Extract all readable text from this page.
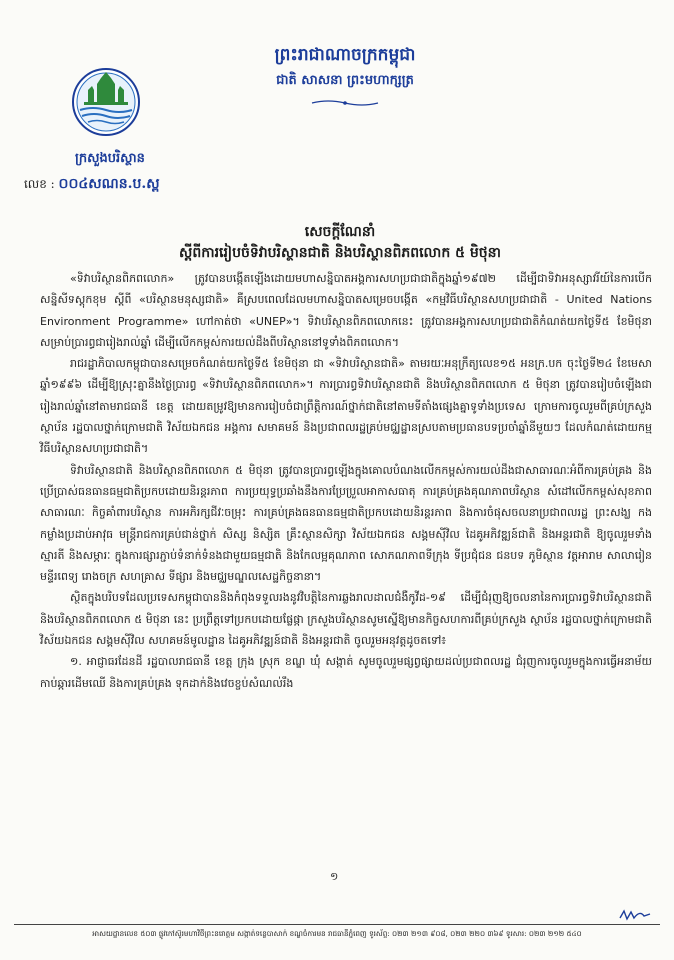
ព្រះរាជាណាចក្រកម្ពុជា
ជាតិ សាសនា ព្រះមហាក្សត្រ
ក្រសួងបរិស្ថាន
លេខ : ០០៤សណន.ប.ស្ព
សេចក្តីណែនាំ
ស្តីពីការរៀបចំទិវាបរិស្ថានជាតិ និងបរិស្ថានពិភពលោក ៥ មិថុនា

«ទិវាបរិស្ថានពិភពលោក» ត្រូវបានបង្កើតឡើងដោយមហាសន្និបាតអង្គការសហប្រជាជាតិក្នុងឆ្នាំ១៩៧២ ដើម្បីជាទិវាអនុស្សាវរីយ៍នៃការបើកសន្និសីទស្តុកខុម ស្តីពី «បរិស្ថានមនុស្សជាតិ» គឺស្របពេលដែលមហាសន្និបាតសម្រេចបង្កើត «កម្មវិធីបរិស្ថានសហប្រជាជាតិ - United Nations Environment Programme» ហៅកាត់ថា «UNEP»។ ទិវាបរិស្ថានពិភពលោកនេះ ត្រូវបានអង្គការសហប្រជាជាតិកំណត់យកថ្ងៃទី៥ ខែមិថុនា សម្រាប់ប្រារព្ធជារៀងរាល់ឆ្នាំ ដើម្បីលើកកម្ពស់ការយល់ដឹងពីបរិស្ថាននៅទូទាំងពិភពលោក។

រាជរដ្ឋាភិបាលកម្ពុជាបានសម្រេចកំណត់យកថ្ងៃទី៥ ខែមិថុនា ជា «ទិវាបរិស្ថានជាតិ» តាមរយៈអនុក្រឹត្យលេខ១៥ អនក្រ.បក ចុះថ្ងៃទី២៤ ខែមេសា ឆ្នាំ១៩៩៦ ដើម្បីឱ្យស្រុះគ្នានឹងថ្ងៃប្រារព្ធ «ទិវាបរិស្ថានពិភពលោក»។ ការប្រារព្ធទិវាបរិស្ថានជាតិ និងបរិស្ថានពិភពលោក ៥ មិថុនា ត្រូវបានរៀបចំឡើងជារៀងរាល់ឆ្នាំនៅតាមរាជធានី ខេត្ត ដោយតម្រូវឱ្យមានការរៀបចំជាព្រឹត្តិការណ៍ថ្នាក់ជាតិនៅតាមទីតាំងផ្សេងគ្នាទូទាំងប្រទេស ក្រោមការចូលរួមពីគ្រប់ក្រសួង ស្ថាប័ន រដ្ឋបាលថ្នាក់ក្រោមជាតិ វិស័យឯកជន អង្គការ សមាគមន៍ និងប្រជាពលរដ្ឋគ្រប់មជ្ឈដ្ឋានស្របតាមប្រធានបទប្រចាំឆ្នាំនីមួយៗ ដែលកំណត់ដោយកម្មវិធីបរិស្ថានសហប្រជាជាតិ។

ទិវាបរិស្ថានជាតិ និងបរិស្ថានពិភពលោក ៥ មិថុនា ត្រូវបានប្រារព្ធឡើងក្នុងគោលបំណងលើកកម្ពស់ការយល់ដឹងជាសាធារណៈអំពីការគ្រប់គ្រង និងប្រើប្រាស់ធនធានធម្មជាតិប្រកបដោយនិរន្តរភាព ការប្រយុទ្ធប្រឆាំងនឹងការប្រែប្រួលអាកាសធាតុ ការគ្រប់គ្រងគុណភាពបរិស្ថាន សំដៅលើកកម្ពស់សុខភាពសាធារណៈ កិច្ចគាំពារបរិស្ថាន ការអភិរក្សជីវៈចម្រុះ ការគ្រប់គ្រងធនធានធម្មជាតិប្រកបដោយនិរន្តរភាព និងការចំផុសចលនាប្រជាពលរដ្ឋ ព្រះសង្ឃ កងកម្លាំងប្រដាប់អាវុធ មន្ត្រីរាជការគ្រប់ជាន់ថ្នាក់ សិស្ស និស្សិត គ្រឹះស្ថានសិក្សា វិស័យឯកជន សង្គមស៊ីវិល ដៃគូអភិវឌ្ឍន៍ជាតិ និងអន្តរជាតិ ឱ្យចូលរួមទាំងស្មារតី និងសម្ភារៈ ក្នុងការផ្សារភ្ជាប់ទំនាក់ទំនងជាមួយធម្មជាតិ និងកែលម្អគុណភាព សោភណភាពទីក្រុង ទីប្រជុំជន ជនបទ ភូមិស្ថាន វត្តអារាម សាលារៀន មន្ទីរពេទ្យ រោងចក្រ សហគ្រាស ទីផ្សារ និងមជ្ឈមណ្ឌលសេដ្ឋកិច្ចនានា។

ស្ថិតក្នុងបរិបទដែលប្រទេសកម្ពុជាបាននិងកំពុងទទួលរងនូវវិបត្តិនៃការឆ្លងរាលដាលជំងឺកូវីដ-១៩ ដើម្បីជំរុញឱ្យចលនានៃការប្រារព្ធទិវាបរិស្ថានជាតិ និងបរិស្ថានពិភពលោក ៥ មិថុនា នេះ ប្រព្រឹត្តទៅប្រកបដោយផ្លែផ្កា ក្រសួងបរិស្ថានសូមស្នើឱ្យមានកិច្ចសហការពីគ្រប់ក្រសួង ស្ថាប័ន រដ្ឋបាលថ្នាក់ក្រោមជាតិ វិស័យឯកជន សង្គមស៊ីវិល សហគមន៍មូលដ្ឋាន ដៃគូអភិវឌ្ឍន៍ជាតិ និងអន្តរជាតិ ចូលរួមអនុវត្តដូចតទៅ៖

១. អាជ្ញាធរដែនដី រដ្ឋបាលរាជធានី ខេត្ត ក្រុង ស្រុក ខណ្ឌ ឃុំ សង្កាត់ សូមចូលរួមផ្សព្វផ្សាយដល់ប្រជាពលរដ្ឋ ជំរុញការចូលរួមក្នុងការធ្វើអនាម័យ កាប់ឆ្ការដើមឈើ និងការគ្រប់គ្រង ទុកដាក់និងវេចខ្ចប់សំណល់រឹង

១
អាសយដ្ឋានលេខ ៥០៣ ផ្លូវកៅស៊ូរមហាវិថីព្រះនរោត្តម សង្កាត់ទន្លេបាសាក់ ខណ្ឌចំការមន រាជធានីភ្នំពេញ ទូរស័ព្ទ: ០២៣ ២១៣ ៩០៨, ០២៣ ២២០ ៣៦៩ ទូរសារ: ០២៣ ២១២ ៥៤០
